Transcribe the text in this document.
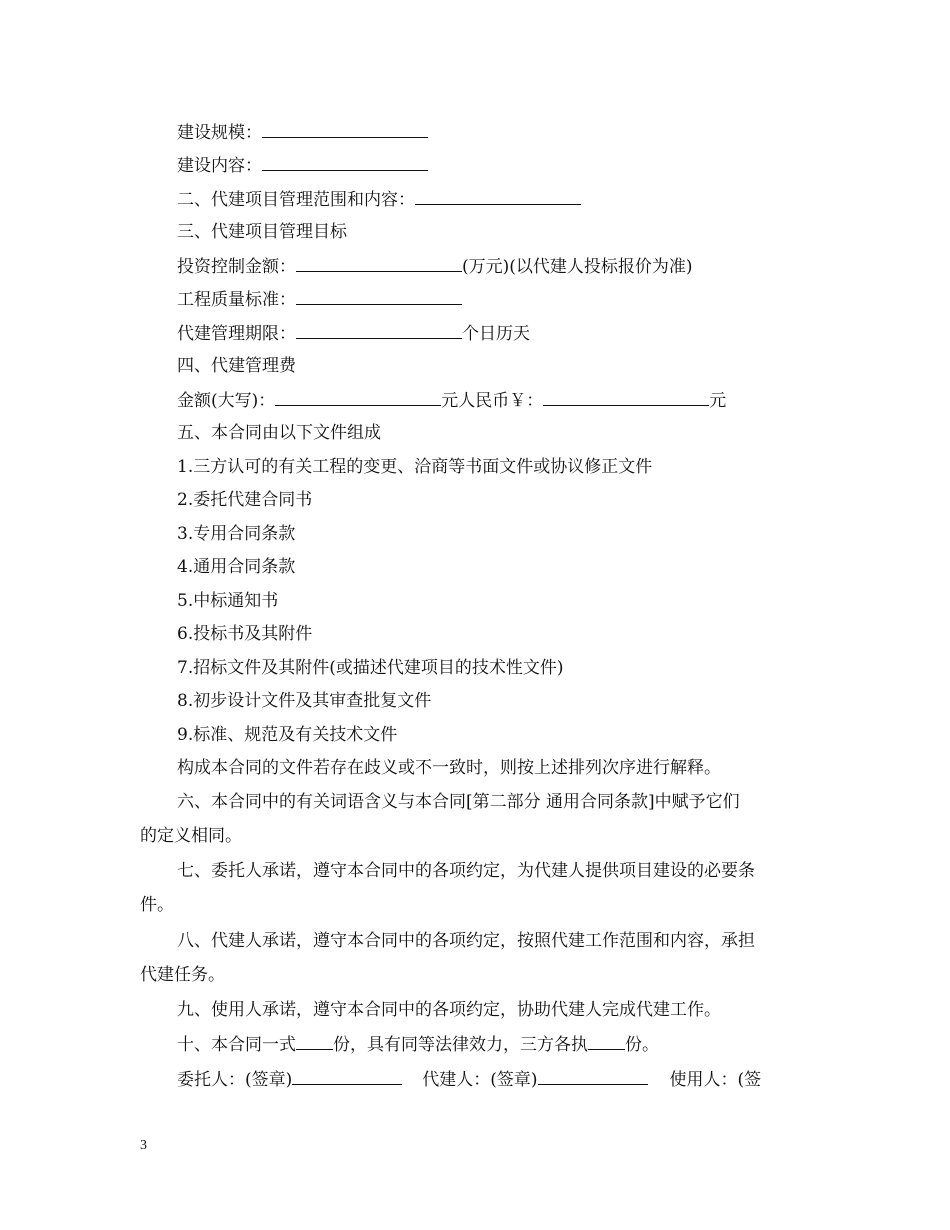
建设规模：
建设内容：
二、代建项目管理范围和内容：
三、代建项目管理目标
投资控制金额：	(万元)(以代建人投标报价为准)
工程质量标准：
代建管理期限：	个日历天
四、代建管理费
金额(大写)：	元人民币￥：	元
五、本合同由以下文件组成
1.三方认可的有关工程的变更、洽商等书面文件或协议修正文件
2.委托代建合同书
3.专用合同条款
4.通用合同条款
5.中标通知书
6.投标书及其附件
7.招标文件及其附件(或描述代建项目的技术性文件)
8.初步设计文件及其审查批复文件
9.标准、规范及有关技术文件
构成本合同的文件若存在歧义或不一致时，则按上述排列次序进行解释。
六、本合同中的有关词语含义与本合同[第二部分 通用合同条款]中赋予它们
的定义相同。
七、委托人承诺，遵守本合同中的各项约定，为代建人提供项目建设的必要条
件。
八、代建人承诺，遵守本合同中的各项约定，按照代建工作范围和内容，承担
代建任务。
九、使用人承诺，遵守本合同中的各项约定，协助代建人完成代建工作。
十、本合同一式 份，具有同等法律效力，三方各执 份。
委托人：(签章)	代建人：(签章)	使用人：(签
3
